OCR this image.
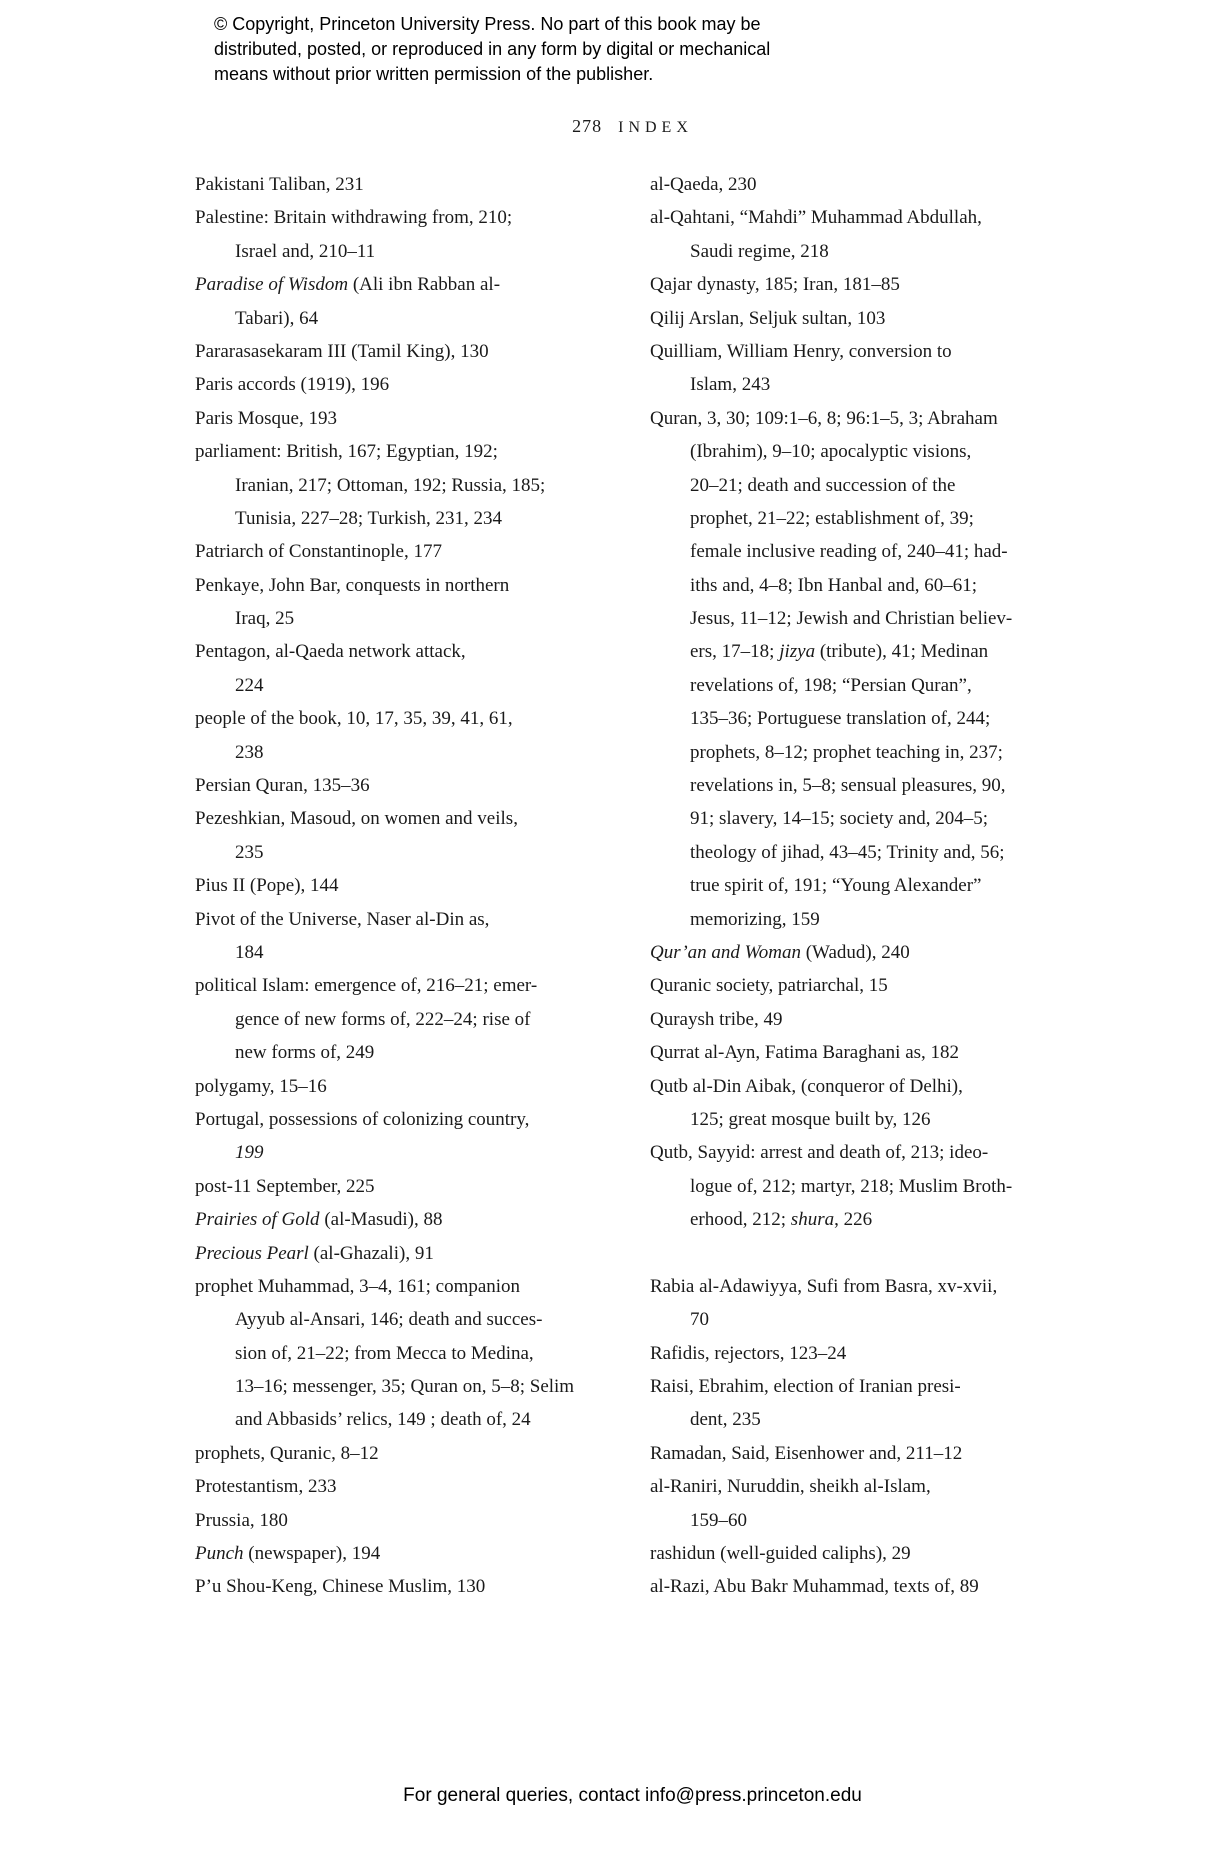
© Copyright, Princeton University Press. No part of this book may be
distributed, posted, or reproduced in any form by digital or mechanical
means without prior written permission of the publisher.
278 INDEX
Pakistani Taliban, 231
Palestine: Britain withdrawing from, 210;
Israel and, 210–11
Paradise of Wisdom (Ali ibn Rabban al-
Tabari), 64
Pararasasekaram III (Tamil King), 130
Paris accords (1919), 196
Paris Mosque, 193
parliament: British, 167; Egyptian, 192;
Iranian, 217; Ottoman, 192; Russia, 185;
Tunisia, 227–28; Turkish, 231, 234
Patriarch of Constantinople, 177
Penkaye, John Bar, conquests in northern
Iraq, 25
Pentagon, al-Qaeda network attack,
224
people of the book, 10, 17, 35, 39, 41, 61,
238
Persian Quran, 135–36
Pezeshkian, Masoud, on women and veils,
235
Pius II (Pope), 144
Pivot of the Universe, Naser al-Din as,
184
political Islam: emergence of, 216–21; emer-
gence of new forms of, 222–24; rise of
new forms of, 249
polygamy, 15–16
Portugal, possessions of colonizing country,
199
post-11 September, 225
Prairies of Gold (al-Masudi), 88
Precious Pearl (al-Ghazali), 91
prophet Muhammad, 3–4, 161; companion
Ayyub al-Ansari, 146; death and succes-
sion of, 21–22; from Mecca to Medina,
13–16; messenger, 35; Quran on, 5–8; Selim
and Abbasids’ relics, 149 ; death of, 24
prophets, Quranic, 8–12
Protestantism, 233
Prussia, 180
Punch (newspaper), 194
P’u Shou-Keng, Chinese Muslim, 130
al-Qaeda, 230
al-Qahtani, “Mahdi” Muhammad Abdullah,
Saudi regime, 218
Qajar dynasty, 185; Iran, 181–85
Qilij Arslan, Seljuk sultan, 103
Quilliam, William Henry, conversion to
Islam, 243
Quran, 3, 30; 109:1–6, 8; 96:1–5, 3; Abraham
(Ibrahim), 9–10; apocalyptic visions,
20–21; death and succession of the
prophet, 21–22; establishment of, 39;
female inclusive reading of, 240–41; had-
iths and, 4–8; Ibn Hanbal and, 60–61;
Jesus, 11–12; Jewish and Christian believ-
ers, 17–18; jizya (tribute), 41; Medinan
revelations of, 198; “Persian Quran”,
135–36; Portuguese translation of, 244;
prophets, 8–12; prophet teaching in, 237;
revelations in, 5–8; sensual pleasures, 90,
91; slavery, 14–15; society and, 204–5;
theology of jihad, 43–45; Trinity and, 56;
true spirit of, 191; “Young Alexander”
memorizing, 159
Qur’an and Woman (Wadud), 240
Quranic society, patriarchal, 15
Quraysh tribe, 49
Qurrat al-Ayn, Fatima Baraghani as, 182
Qutb al-Din Aibak, (conqueror of Delhi),
125; great mosque built by, 126
Qutb, Sayyid: arrest and death of, 213; ideo-
logue of, 212; martyr, 218; Muslim Broth-
erhood, 212; shura, 226

Rabia al-Adawiyya, Sufi from Basra, xv-xvii,
70
Rafidis, rejectors, 123–24
Raisi, Ebrahim, election of Iranian presi-
dent, 235
Ramadan, Said, Eisenhower and, 211–12
al-Raniri, Nuruddin, sheikh al-Islam,
159–60
rashidun (well-guided caliphs), 29
al-Razi, Abu Bakr Muhammad, texts of, 89
For general queries, contact info@press.princeton.edu
